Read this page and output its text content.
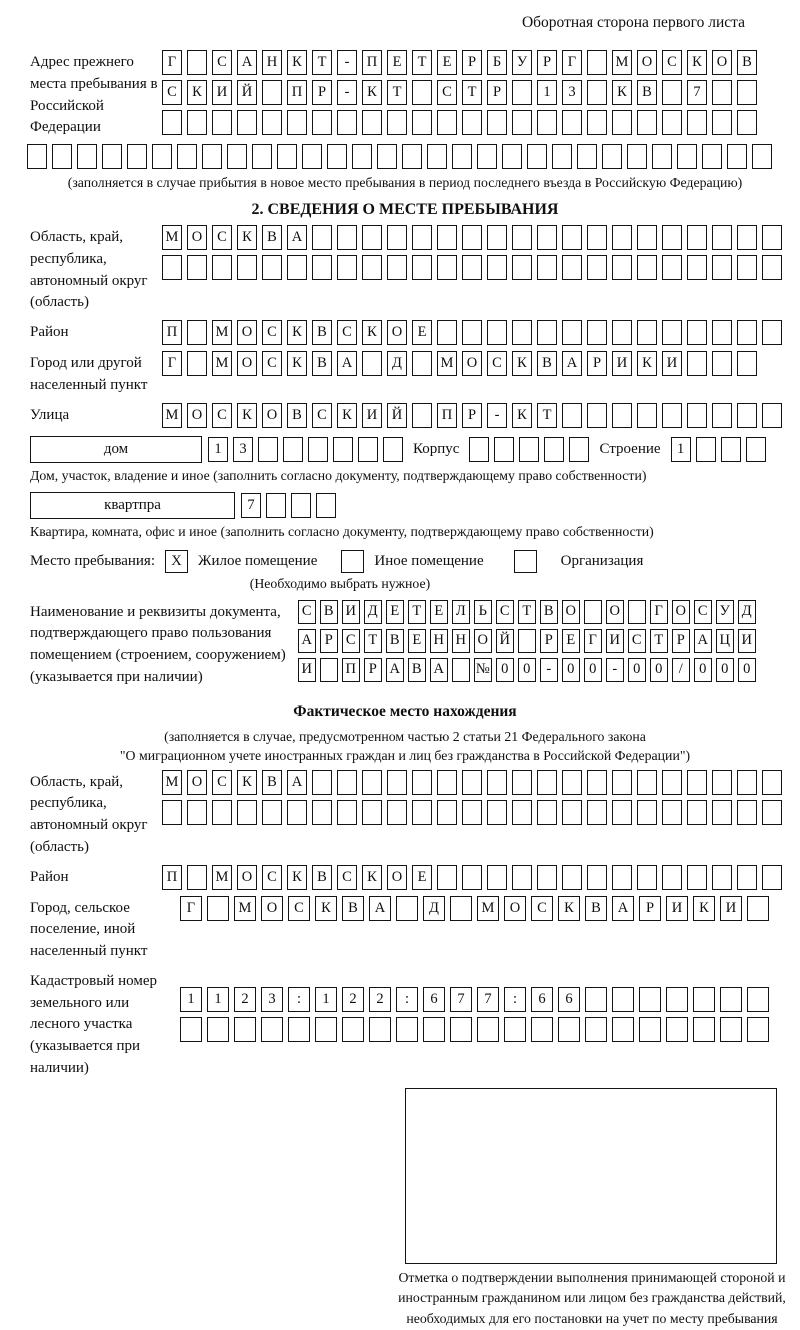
Оборотная сторона первого листа
Адрес прежнего места пребывания в Российской Федерации
Г	С	А	Н	К	Т	-	П	Е	Т	Е	Р	Б	У	Р	Г	М О	С	К	О	В
С	К	И	Й	П	Р	-	К	Т	С	Т	Р	1	3	К	В	7
(заполняется в случае прибытия в новое место пребывания в период последнего въезда в Российскую Федерацию)
2. СВЕДЕНИЯ О МЕСТЕ ПРЕБЫВАНИЯ
Область, край, республика, автономный округ (область)
М О	С	К	В	А
Район	П	М О	С	К	В	С	К	О	Е
Город или другой населенный пункт
Г	М О	С	К	В	А	Д	М О	С	К	В	А	Р	И	К	И
Улица	М О	С	К	О	В	С	К	И	Й	П	Р	-	К	Т
дом	1	3	Корпус	Строение	1
Дом, участок, владение и иное (заполнить согласно документу, подтверждающему право собственности)
квартпра	7
Квартира, комната, офис и иное (заполнить согласно документу, подтверждающему право собственности)
Место пребывания:	X	Жилое помещение	Иное помещение	Организация
(Необходимо выбрать нужное)
Наименование и реквизиты документа, подтверждающего право пользования помещением (строением, сооружением) (указывается при наличии)
С В И Д Е Т Е Л Ь С Т В О О	Г О С У Д
А Р С Т В Е Н Н О Й	Р Е Г И С Т Р А Ц И
И П Р А В А № 0	0	-	0	0	-	0	0	/	0	0	0
Фактическое место нахождения
(заполняется в случае, предусмотренном частью 2 статьи 21 Федерального закона
"О миграционном учете иностранных граждан и лиц без гражданства в Российской Федерации")
Область, край, республика, автономный округ (область)
М О	С	К	В	А
Район	П	М О	С	К	В	С	К	О	Е
Город, сельское поселение, иной населенный пункт
Г	М	О	С	К	В	А	Д	М	О	С	К	В	А	Р	И	К	И
Кадастровый номер земельного или лесного участка (указывается при наличии)
1	1	2	3	:	1	2	2	:	6	7	7	:	6	6
Отметка о подтверждении выполнения принимающей стороной и иностранным гражданином или лицом без гражданства действий, необходимых для его постановки на учет по месту пребывания
